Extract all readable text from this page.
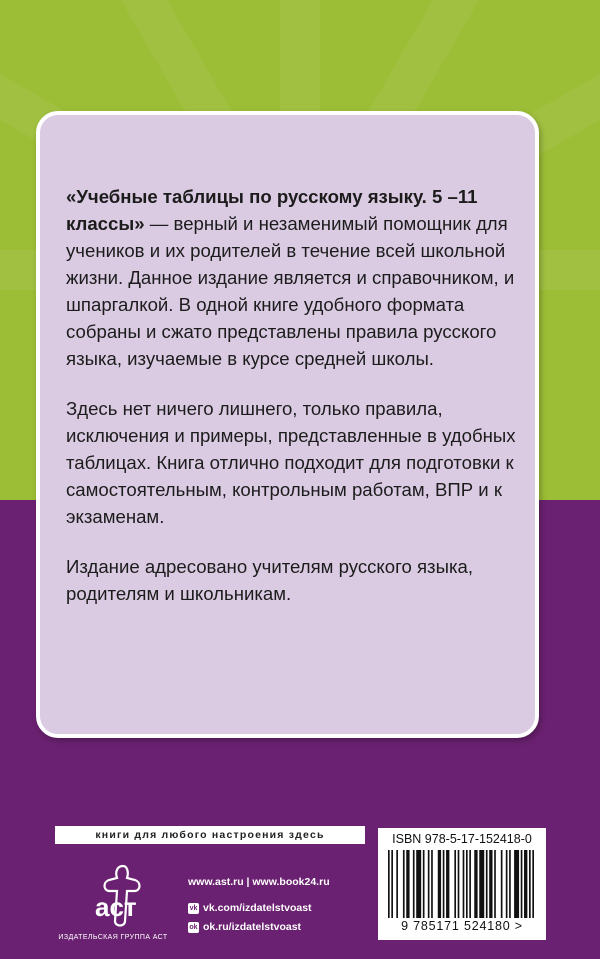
«Учебные таблицы по русскому языку. 5 –11 классы» — верный и незаменимый помощник для учеников и их родителей в течение всей школьной жизни. Данное издание является и справочником, и шпаргалкой. В одной книге удобного формата собраны и сжато представлены правила русского языка, изучаемые в курсе средней школы.

Здесь нет ничего лишнего, только правила, исключения и примеры, представленные в удобных таблицах. Книга отлично подходит для подготовки к самостоятельным, контрольным работам, ВПР и к экзаменам.

Издание адресовано учителям русского языка, родителям и школьникам.

книги для любого настроения здесь
аст
ИЗДАТЕЛЬСКАЯ ГРУППА АСТ
www.ast.ru | www.book24.ru
vk vk.com/izdatelstvoast
ok ok.ru/izdatelstvoast
ISBN 978-5-17-152418-0
9 785171 524180 >
